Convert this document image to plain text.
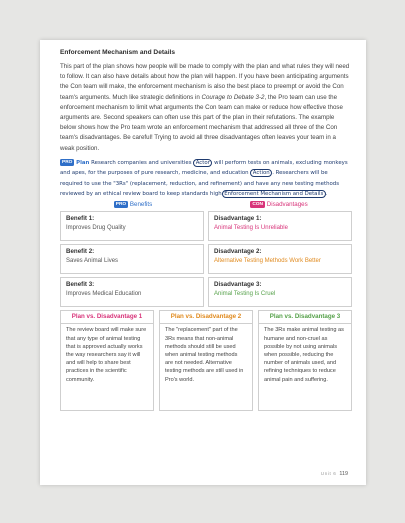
Enforcement Mechanism and Details

This part of the plan shows how people will be made to comply with the plan and what rules they will need to follow. It can also have details about how the plan will happen. If you have been anticipating arguments the Con team will make, the enforcement mechanism is also the best place to preempt or avoid the Con team's arguments. Much like strategic definitions in Courage to Debate 3-2, the Pro team can use the enforcement mechanism to limit what arguments the Con team can make or reduce how effective those arguments are. Second speakers can often use this part of the plan in their refutations. The example below shows how the Pro team wrote an enforcement mechanism that addressed all three of the Con team's disadvantages. Be careful! Trying to avoid all three disadvantages often leaves your team in a weak position.

PRO Plan Research companies and universities Actor will perform tests on animals, excluding monkeys and apes, for the purposes of pure research, medicine, and education Action . Researchers will be required to use the "3Rs" (replacement, reduction, and refinement) and have any new testing methods reviewed by an ethical review board to keep standards high Enforcement Mechanism and Details .
PRO Benefits	CON Disadvantages
Benefit 1:
Improves Drug Quality
Disadvantage 1:
Animal Testing Is Unreliable
Benefit 2:
Saves Animal Lives
Disadvantage 2:
Alternative Testing Methods Work Better
Benefit 3:
Improves Medical Education
Disadvantage 3:
Animal Testing Is Cruel
Plan vs. Disadvantage 1
The review board will make sure that any type of animal testing that is approved actually works the way researchers say it will and will help to share best practices in the scientific community.
Plan vs. Disadvantage 2
The "replacement" part of the 3Rs means that non-animal methods should still be used when animal testing methods are not needed. Alternative testing methods are still used in Pro's world.
Plan vs. Disadvantage 3
The 3Rs make animal testing as humane and non-cruel as possible by not using animals when possible, reducing the number of animals used, and refining techniques to reduce animal pain and suffering.
Unit 6 119
